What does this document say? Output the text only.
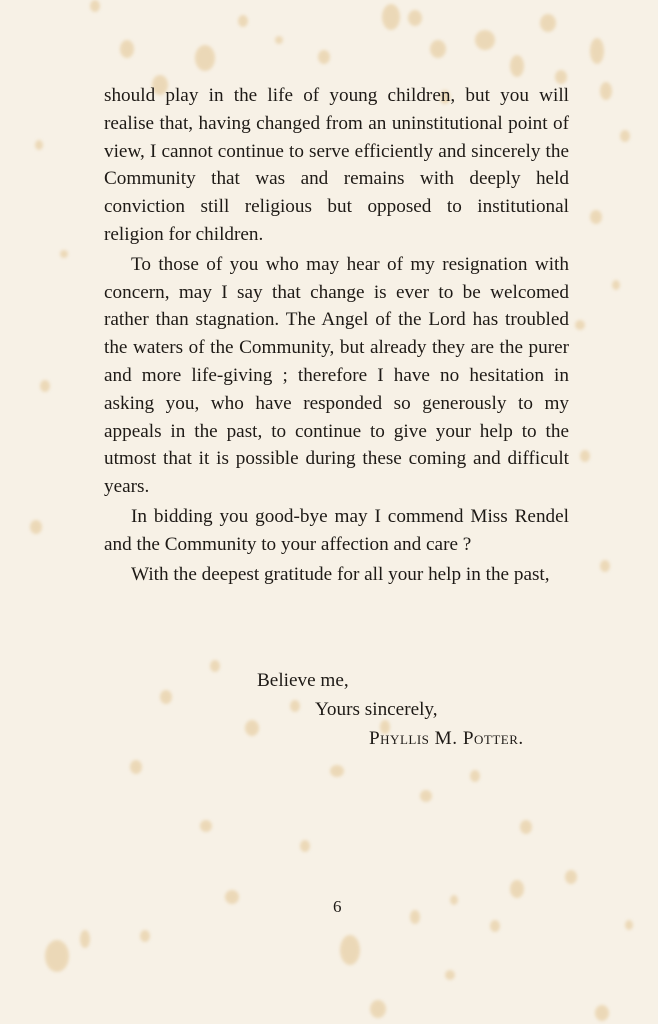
should play in the life of young children, but you will realise that, having changed from an uninstitutional point of view, I cannot continue to serve efficiently and sincerely the Community that was and remains with deeply held conviction still religious but opposed to institutional religion for children.

To those of you who may hear of my resignation with concern, may I say that change is ever to be welcomed rather than stagnation. The Angel of the Lord has troubled the waters of the Community, but already they are the purer and more life-giving ; therefore I have no hesitation in asking you, who have responded so generously to my appeals in the past, to continue to give your help to the utmost that it is possible during these coming and difficult years.

In bidding you good-bye may I commend Miss Rendel and the Community to your affection and care ?

With the deepest gratitude for all your help in the past,

Believe me,
Yours sincerely,
Phyllis M. Potter.
6
